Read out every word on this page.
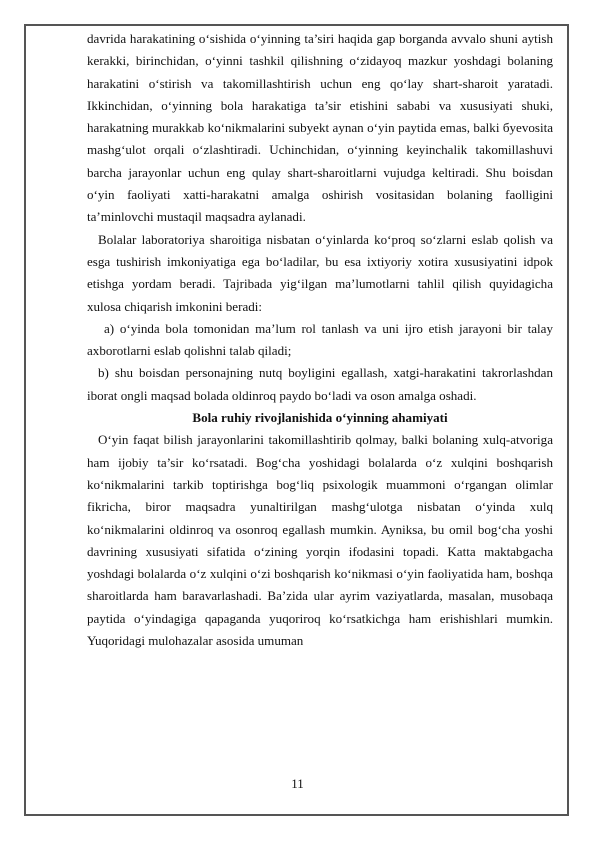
davrida harakatining o‘sishida o‘yinning ta’siri haqida gap borganda avvalo shuni aytish kerakki, birinchidan, o‘yinni tashkil qilishning o‘zidayoq mazkur yoshdagi bolaning harakatini o‘stirish va takomillashtirish uchun eng qo‘lay shart-sharoit yaratadi. Ikkinchidan, o‘yinning bola harakatiga ta’sir etishini sababi va xususiyati shuki, harakatning murakkab ko‘nikmalarini subyekt aynan o‘yin paytida emas, balki бyevosita mashg‘ulot orqali o‘zlashtiradi. Uchinchidan, o‘yinning keyinchalik takomillashuvi barcha jarayonlar uchun eng qulay shart-sharoitlarni vujudga keltiradi. Shu boisdan o‘yin faoliyati xatti-harakatni amalga oshirish vositasidan bolaning faolligini ta’minlovchi mustaqil maqsadra aylanadi.

Bolalar laboratoriya sharoitiga nisbatan o‘yinlarda ko‘proq so‘zlarni eslab qolish va esga tushirish imkoniyatiga ega bo‘ladilar, bu esa ixtiyoriy xotira xususiyatini idpok etishga yordam beradi. Tajribada yig‘ilgan ma’lumotlarni tahlil qilish quyidagicha xulosa chiqarish imkonini beradi:

a) o‘yinda bola tomonidan ma’lum rol tanlash va uni ijro etish jarayoni bir talay axborotlarni eslab qolishni talab qiladi;

b) shu boisdan personajning nutq boyligini egallash, xatgi-harakatini takrorlashdan iborat ongli maqsad bolada oldinroq paydo bo‘ladi va oson amalga oshadi.

Bola ruhiy rivojlanishida o‘yinning ahamiyati

O‘yin faqat bilish jarayonlarini takomillashtirib qolmay, balki bolaning xulq-atvoriga ham ijobiy ta’sir ko‘rsatadi. Bog‘cha yoshidagi bolalarda o‘z xulqini boshqarish ko‘nikmalarini tarkib toptirishga bog‘liq psixologik muammoni o‘rgangan olimlar fikricha, biror maqsadra yunaltirilgan mashg‘ulotga nisbatan o‘yinda xulq ko‘nikmalarini oldinroq va osonroq egallash mumkin. Ayniksa, bu omil bog‘cha yoshi davrining xususiyati sifatida o‘zining yorqin ifodasini topadi. Katta maktabgacha yoshdagi bolalarda o‘z xulqini o‘zi boshqarish ko‘nikmasi o‘yin faoliyatida ham, boshqa sharoitlarda ham baravarlashadi. Ba’zida ular ayrim vaziyatlarda, masalan, musobaqa paytida o‘yindagiga qapaganda yuqoriroq ko‘rsatkichga ham erishishlari mumkin. Yuqoridagi mulohazalar asosida umuman

11
